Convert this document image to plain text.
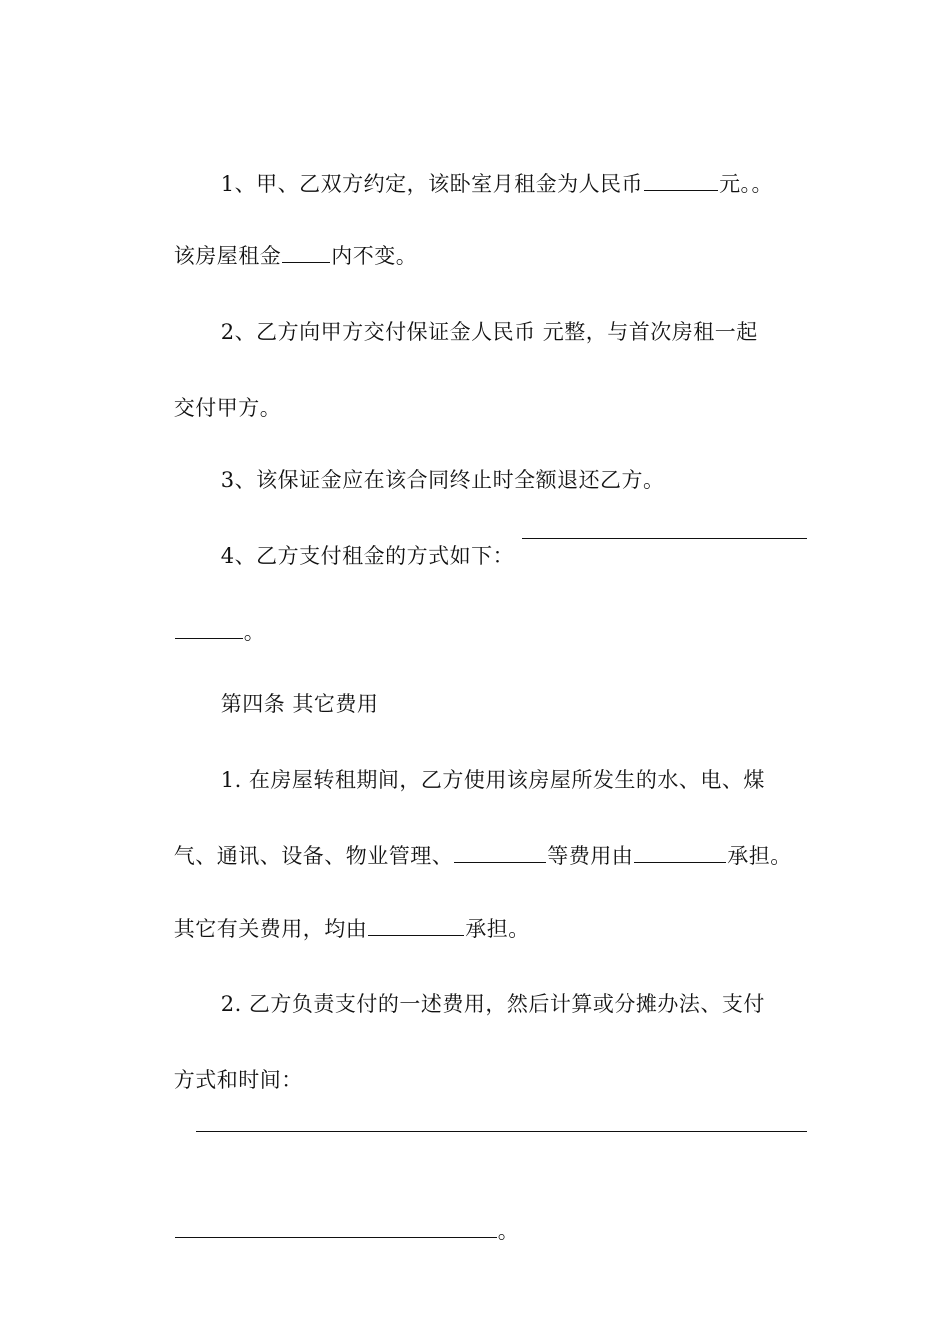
1、甲、乙双方约定，该卧室月租金为人民币	元。。

该房屋租金 内不变。

2、乙方向甲方交付保证金人民币 元整，与首次房租一起

交付甲方。

3、该保证金应在该合同终止时全额退还乙方。

4、乙方支付租金的方式如下：

。

第四条 其它费用

1. 在房屋转租期间，乙方使用该房屋所发生的水、电、煤

气、通讯、设备、物业管理、	等费用由	承担。

其它有关费用，均由	承担。

2. 乙方负责支付的一述费用，然后计算或分摊办法、支付

方式和时间：

。
